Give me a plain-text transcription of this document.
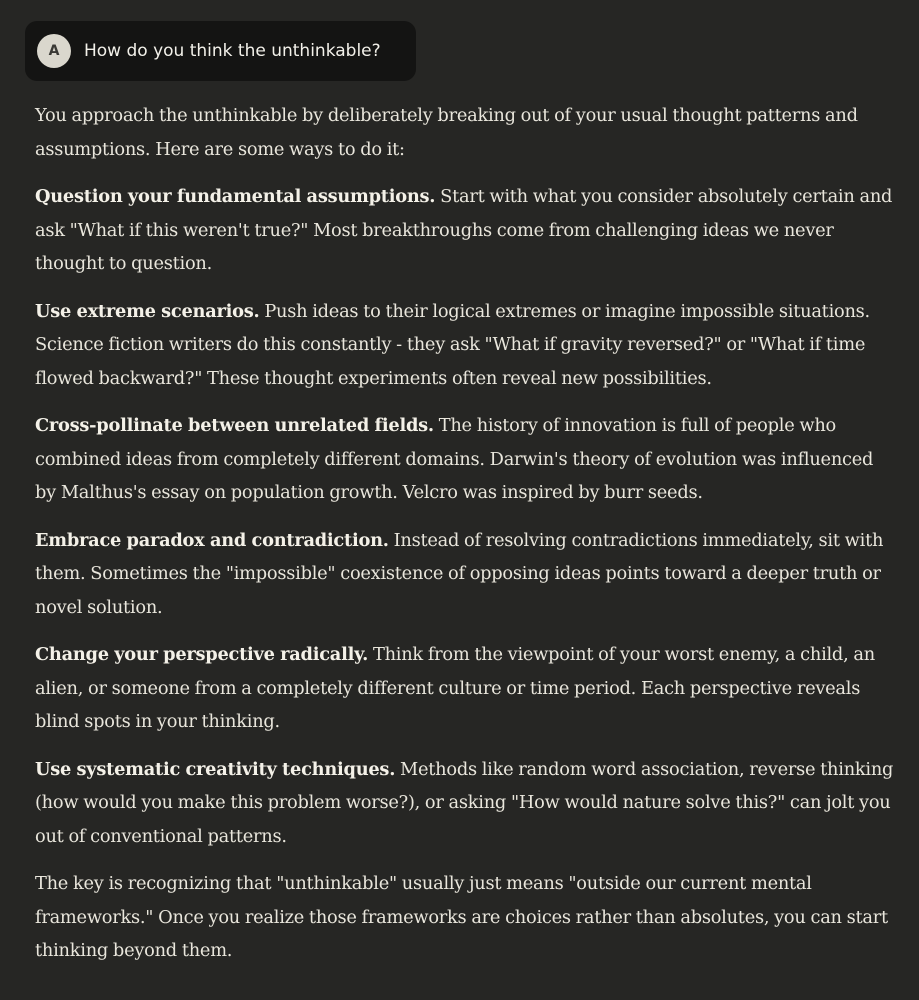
A	How do you think the unthinkable?

You approach the unthinkable by deliberately breaking out of your usual thought patterns and assumptions. Here are some ways to do it:

Question your fundamental assumptions. Start with what you consider absolutely certain and ask "What if this weren't true?" Most breakthroughs come from challenging ideas we never thought to question.

Use extreme scenarios. Push ideas to their logical extremes or imagine impossible situations. Science fiction writers do this constantly - they ask "What if gravity reversed?" or "What if time flowed backward?" These thought experiments often reveal new possibilities.

Cross-pollinate between unrelated fields. The history of innovation is full of people who combined ideas from completely different domains. Darwin's theory of evolution was influenced by Malthus's essay on population growth. Velcro was inspired by burr seeds.

Embrace paradox and contradiction. Instead of resolving contradictions immediately, sit with them. Sometimes the "impossible" coexistence of opposing ideas points toward a deeper truth or novel solution.

Change your perspective radically. Think from the viewpoint of your worst enemy, a child, an alien, or someone from a completely different culture or time period. Each perspective reveals blind spots in your thinking.

Use systematic creativity techniques. Methods like random word association, reverse thinking (how would you make this problem worse?), or asking "How would nature solve this?" can jolt you out of conventional patterns.

The key is recognizing that "unthinkable" usually just means "outside our current mental frameworks." Once you realize those frameworks are choices rather than absolutes, you can start thinking beyond them.
